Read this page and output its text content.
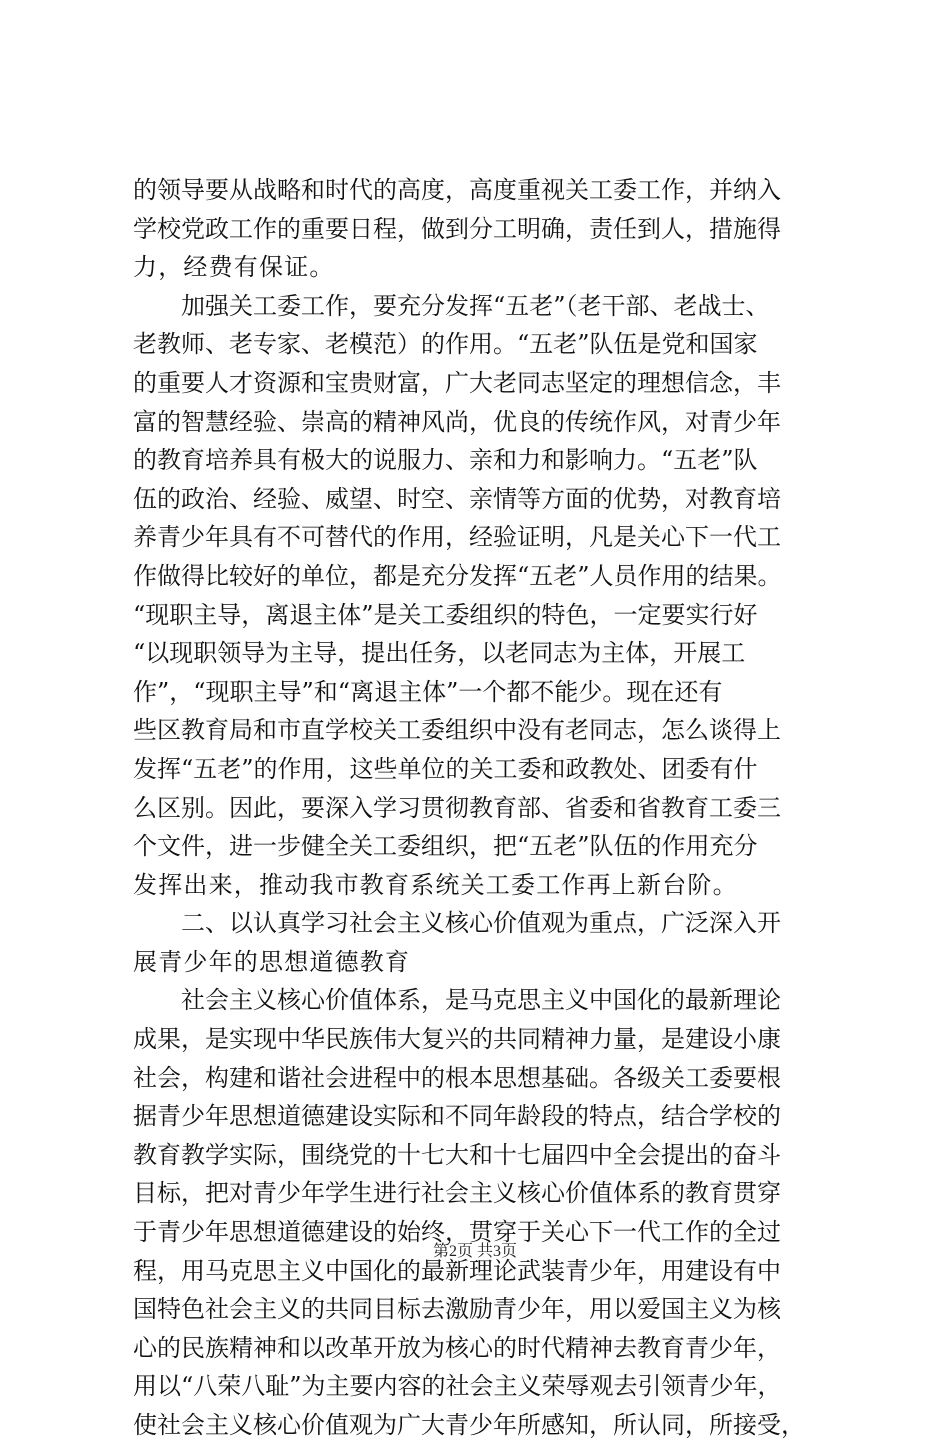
的领导要从战略和时代的高度，高度重视关工委工作，并纳入
学校党政工作的重要日程，做到分工明确，责任到人，措施得
力，经费有保证。
　　加强关工委工作，要充分发挥“五老”（老干部、老战士、
老教师、老专家、老模范）的作用。“五老”队伍是党和国家
的重要人才资源和宝贵财富，广大老同志坚定的理想信念，丰
富的智慧经验、崇高的精神风尚，优良的传统作风，对青少年
的教育培养具有极大的说服力、亲和力和影响力。“五老”队
伍的政治、经验、威望、时空、亲情等方面的优势，对教育培
养青少年具有不可替代的作用，经验证明，凡是关心下一代工
作做得比较好的单位，都是充分发挥“五老”人员作用的结果。
“现职主导，离退主体”是关工委组织的特色，一定要实行好
“以现职领导为主导，提出任务，以老同志为主体，开展工
作”，“现职主导”和“离退主体”一个都不能少。现在还有
些区教育局和市直学校关工委组织中没有老同志，怎么谈得上
发挥“五老”的作用，这些单位的关工委和政教处、团委有什
么区别。因此，要深入学习贯彻教育部、省委和省教育工委三
个文件，进一步健全关工委组织，把“五老”队伍的作用充分
发挥出来，推动我市教育系统关工委工作再上新台阶。
　　二、以认真学习社会主义核心价值观为重点，广泛深入开
展青少年的思想道德教育
　　社会主义核心价值体系，是马克思主义中国化的最新理论
成果，是实现中华民族伟大复兴的共同精神力量，是建设小康
社会，构建和谐社会进程中的根本思想基础。各级关工委要根
据青少年思想道德建设实际和不同年龄段的特点，结合学校的
教育教学实际，围绕党的十七大和十七届四中全会提出的奋斗
目标，把对青少年学生进行社会主义核心价值体系的教育贯穿
于青少年思想道德建设的始终，贯穿于关心下一代工作的全过
程，用马克思主义中国化的最新理论武装青少年，用建设有中
国特色社会主义的共同目标去激励青少年，用以爱国主义为核
心的民族精神和以改革开放为核心的时代精神去教育青少年，
用以“八荣八耻”为主要内容的社会主义荣辱观去引领青少年，
使社会主义核心价值观为广大青少年所感知，所认同，所接受，
第2页 共3页
